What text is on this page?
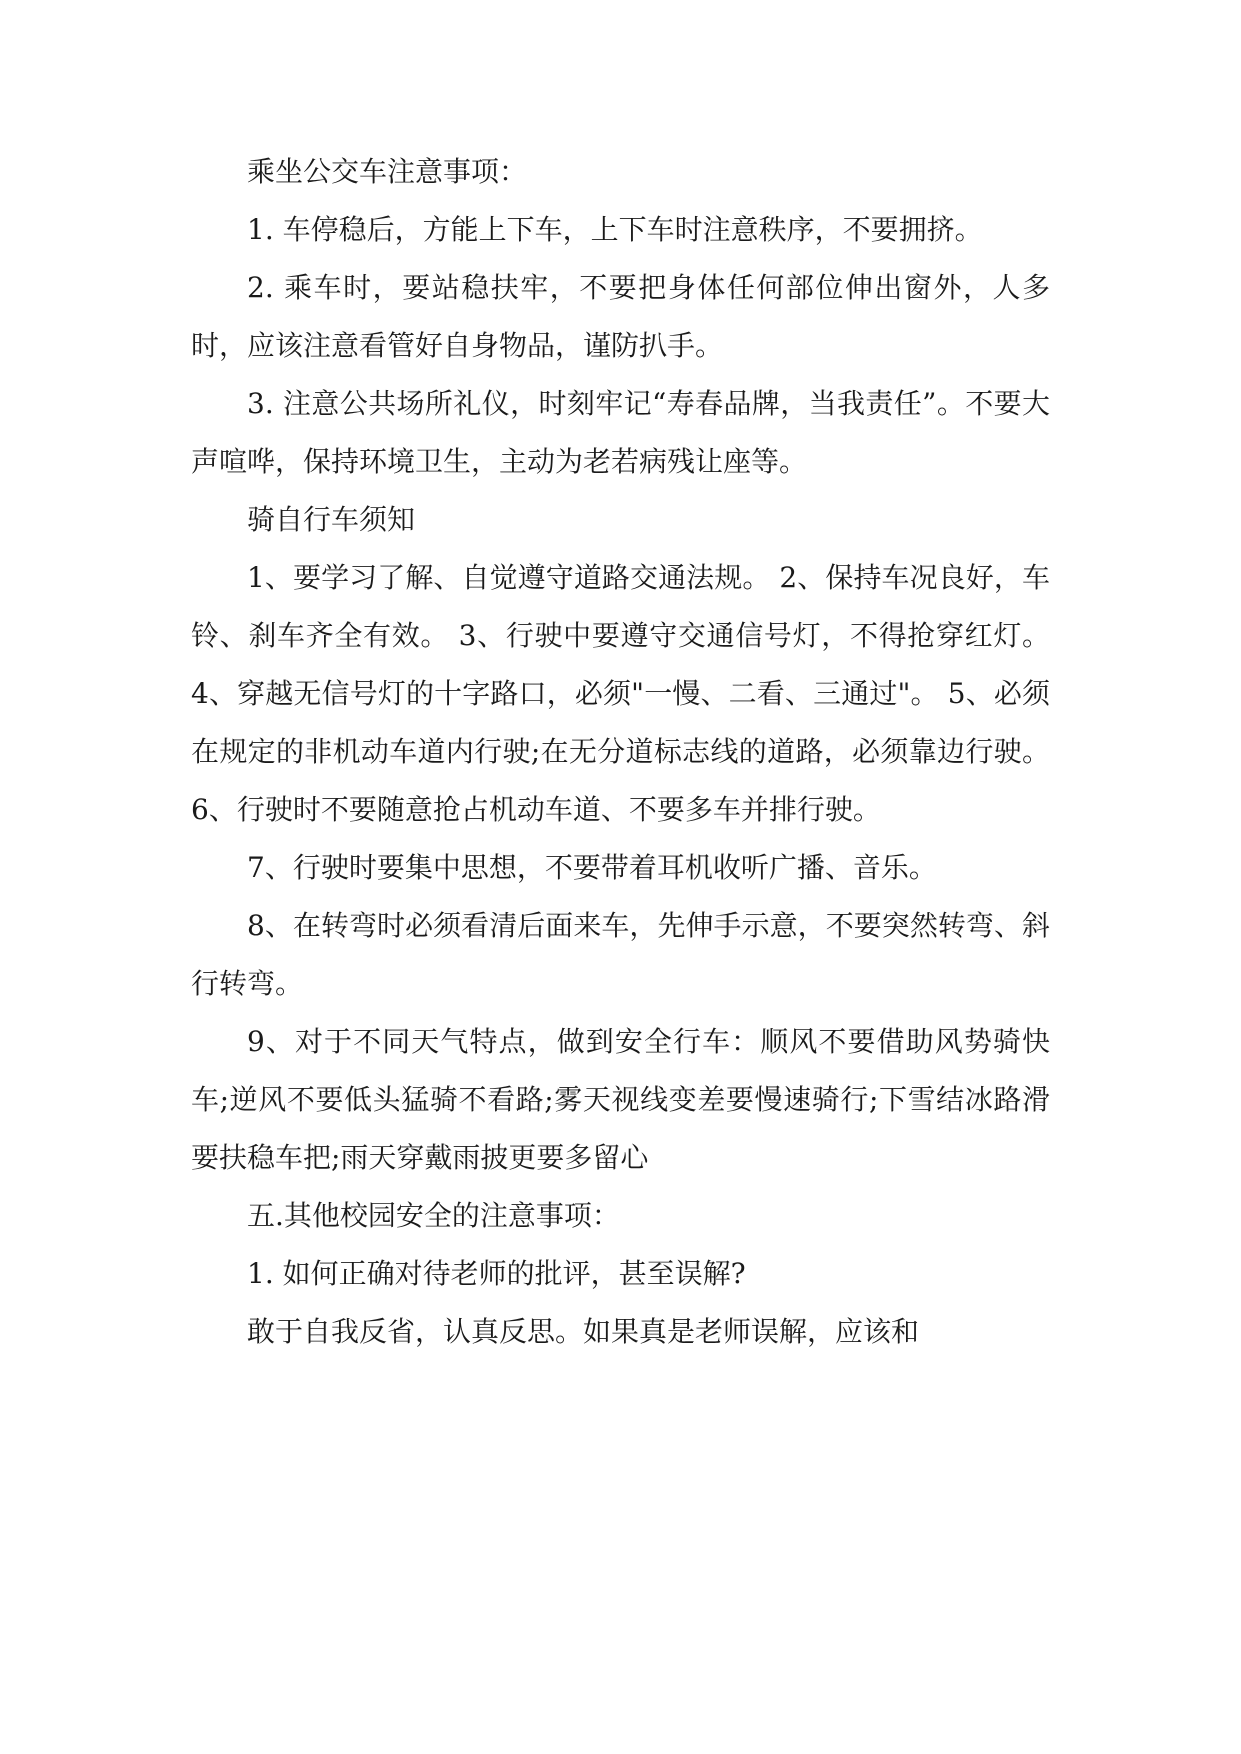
乘坐公交车注意事项：

1. 车停稳后，方能上下车，上下车时注意秩序，不要拥挤。

2. 乘车时，要站稳扶牢，不要把身体任何部位伸出窗外，人多时，应该注意看管好自身物品，谨防扒手。

3. 注意公共场所礼仪，时刻牢记“寿春品牌，当我责任”。不要大声喧哗，保持环境卫生，主动为老若病残让座等。

骑自行车须知

1、要学习了解、自觉遵守道路交通法规。 2、保持车况良好，车铃、刹车齐全有效。 3、行驶中要遵守交通信号灯，不得抢穿红灯。 4、穿越无信号灯的十字路口，必须"一慢、二看、三通过"。 5、必须在规定的非机动车道内行驶;在无分道标志线的道路，必须靠边行驶。 6、行驶时不要随意抢占机动车道、不要多车并排行驶。

7、行驶时要集中思想，不要带着耳机收听广播、音乐。

8、在转弯时必须看清后面来车，先伸手示意，不要突然转弯、斜行转弯。

9、对于不同天气特点，做到安全行车：顺风不要借助风势骑快车;逆风不要低头猛骑不看路;雾天视线变差要慢速骑行;下雪结冰路滑要扶稳车把;雨天穿戴雨披更要多留心

五.其他校园安全的注意事项：

1. 如何正确对待老师的批评，甚至误解?

敢于自我反省，认真反思。如果真是老师误解，应该和
